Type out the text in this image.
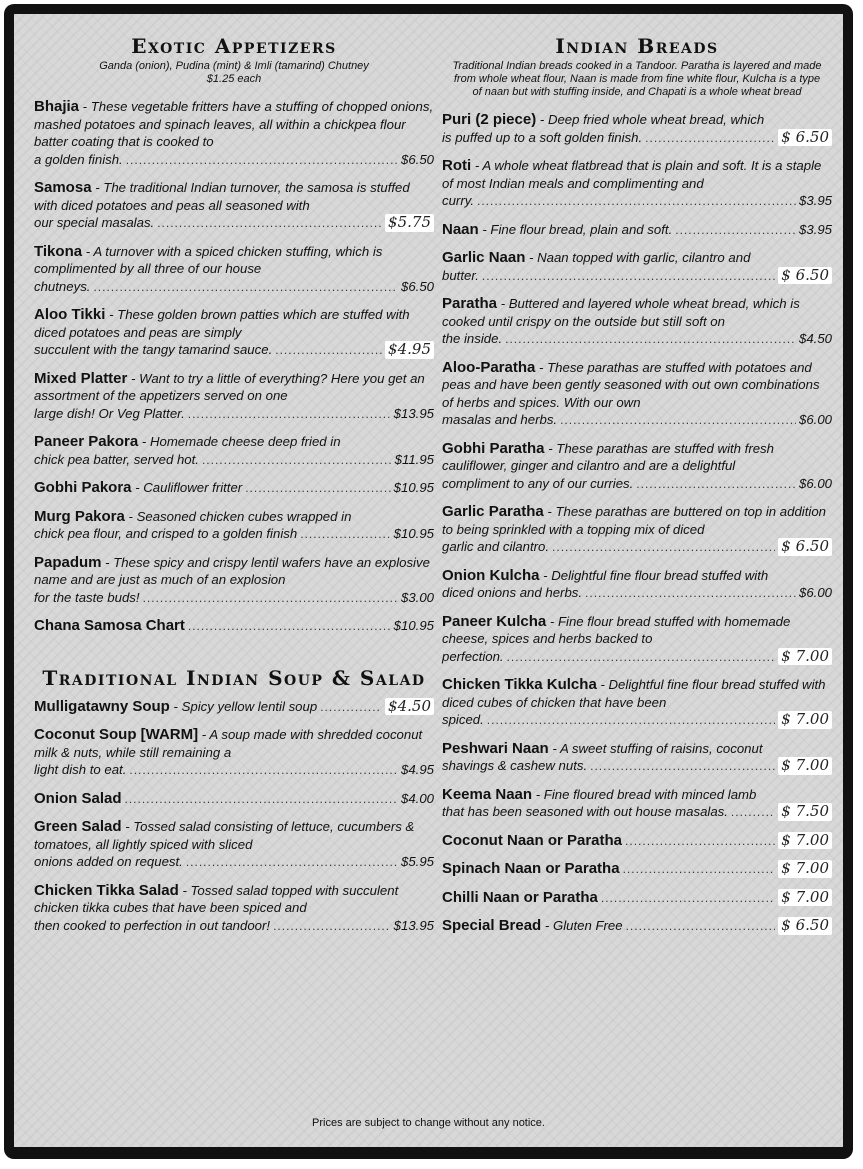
Exotic Appetizers
Ganda (onion), Pudina (mint) & Imli (tamarind) Chutney $1.25 each
Bhajia - These vegetable fritters have a stuffing of chopped onions, mashed potatoes and spinach leaves, all within a chickpea flour batter coating that is cooked to
a golden finish. .....	$6.50
Samosa - The traditional Indian turnover, the samosa is stuffed with diced potatoes and peas all seasoned with
our special masalas. .....	$5.75
Tikona - A turnover with a spiced chicken stuffing, which is complimented by all three of our house
chutneys. .....	$6.50
Aloo Tikki - These golden brown patties which are stuffed with diced potatoes and peas are simply
succulent with the tangy tamarind sauce. .....	$4.95
Mixed Platter - Want to try a little of everything? Here you get an assortment of the appetizers served on one
large dish! Or Veg Platter. .....	$13.95
Paneer Pakora - Homemade cheese deep fried in
chick pea batter, served hot. .....	$11.95
Gobhi Pakora - Cauliflower fritter .....	$10.95
Murg Pakora - Seasoned chicken cubes wrapped in
chick pea flour, and crisped to a golden finish .....	$10.95
Papadum - These spicy and crispy lentil wafers have an explosive name and are just as much of an explosion
for the taste buds! .....	$3.00
Chana Samosa Chart .....	$10.95
Traditional Indian Soup & Salad
Mulligatawny Soup - Spicy yellow lentil soup .....	$4.50
Coconut Soup [WARM] - A soup made with shredded coconut milk & nuts, while still remaining a
light dish to eat. .....	$4.95
Onion Salad .....	$4.00
Green Salad - Tossed salad consisting of lettuce, cucumbers & tomatoes, all lightly spiced with sliced
onions added on request. .....	$5.95
Chicken Tikka Salad - Tossed salad topped with succulent chicken tikka cubes that have been spiced and
then cooked to perfection in out tandoor! .....	$13.95
Indian Breads
Traditional Indian breads cooked in a Tandoor. Paratha is layered and made from whole wheat flour, Naan is made from fine white flour, Kulcha is a type of naan but with stuffing inside, and Chapati is a whole wheat bread
Puri (2 piece) - Deep fried whole wheat bread, which
is puffed up to a soft golden finish. .....	$ 6.50
Roti - A whole wheat flatbread that is plain and soft. It is a staple of most Indian meals and complimenting and
curry. .....	$3.95
Naan - Fine flour bread, plain and soft. .....	$3.95
Garlic Naan - Naan topped with garlic, cilantro and
butter. .....	$ 6.50
Paratha - Buttered and layered whole wheat bread, which is cooked until crispy on the outside but still soft on
the inside. .....	$4.50
Aloo-Paratha - These parathas are stuffed with potatoes and peas and have been gently seasoned with out own combinations of herbs and spices. With our own
masalas and herbs. .....	$6.00
Gobhi Paratha - These parathas are stuffed with fresh cauliflower, ginger and cilantro and are a delightful
compliment to any of our curries. .....	$6.00
Garlic Paratha - These parathas are buttered on top in addition to being sprinkled with a topping mix of diced
garlic and cilantro. .....	$ 6.50
Onion Kulcha - Delightful fine flour bread stuffed with
diced onions and herbs. .....	$6.00
Paneer Kulcha - Fine flour bread stuffed with homemade cheese, spices and herbs backed to
perfection. .....	$ 7.00
Chicken Tikka Kulcha - Delightful fine flour bread stuffed with diced cubes of chicken that have been
spiced. .....	$ 7.00
Peshwari Naan - A sweet stuffing of raisins, coconut
shavings & cashew nuts. .....	$ 7.00
Keema Naan - Fine floured bread with minced lamb
that has been seasoned with out house masalas. .....	$ 7.50
Coconut Naan or Paratha .....	$ 7.00
Spinach Naan or Paratha .....	$ 7.00
Chilli Naan or Paratha .....	$ 7.00
Special Bread - Gluten Free .....	$ 6.50
Prices are subject to change without any notice.
